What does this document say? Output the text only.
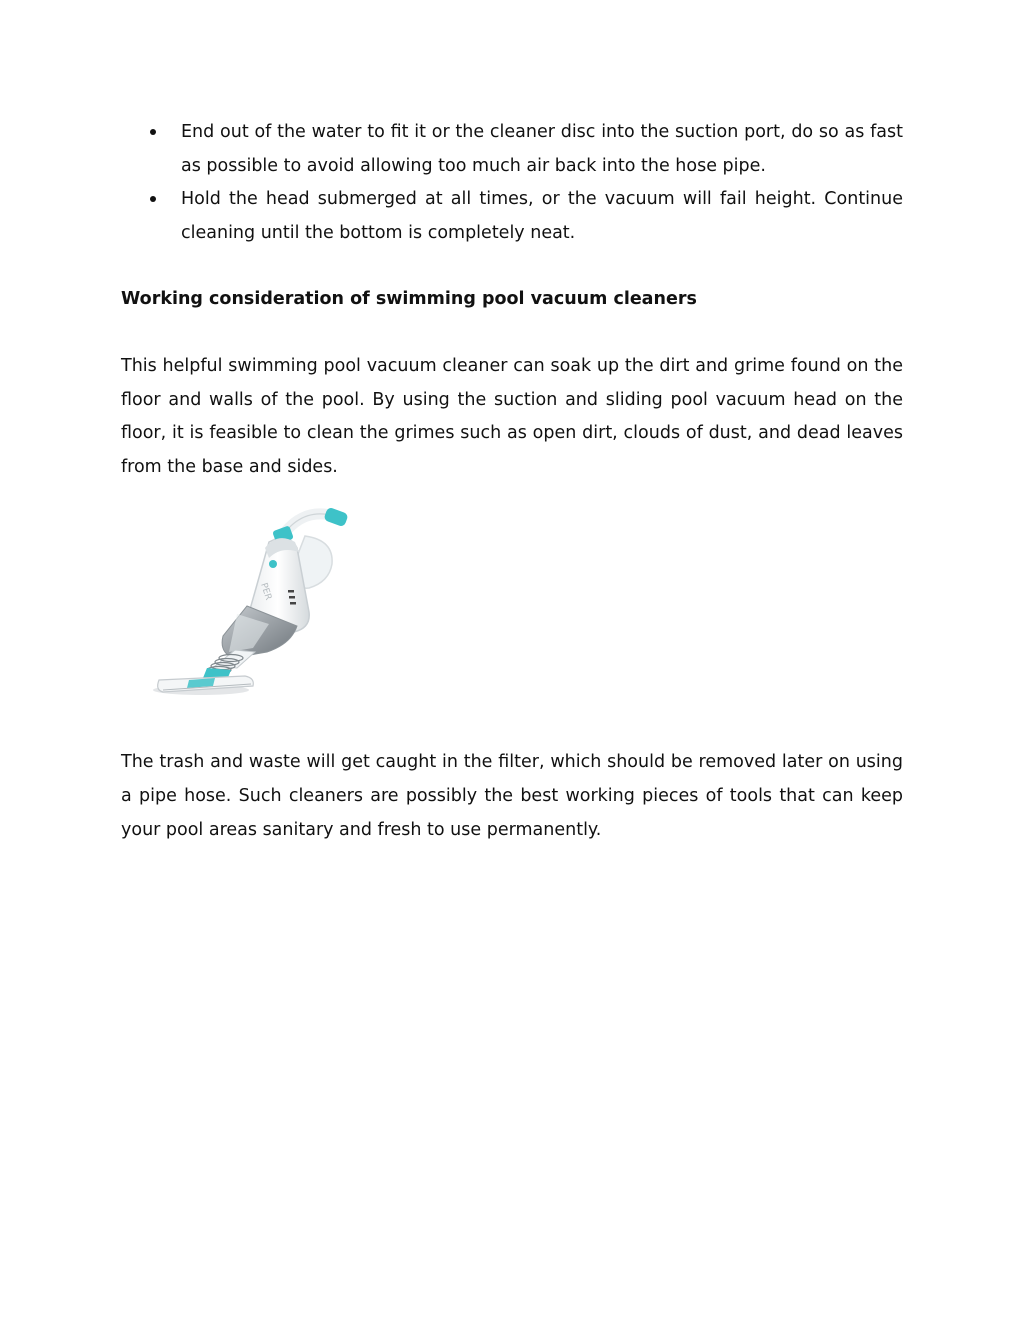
End out of the water to fit it or the cleaner disc into the suction port, do so as fast as possible to avoid allowing too much air back into the hose pipe.
Hold the head submerged at all times, or the vacuum will fail height. Continue cleaning until the bottom is completely neat.

Working consideration of swimming pool vacuum cleaners

This helpful swimming pool vacuum cleaner can soak up the dirt and grime found on the floor and walls of the pool. By using the suction and sliding pool vacuum head on the floor, it is feasible to clean the grimes such as open dirt, clouds of dust, and dead leaves from the base and sides.

PER

The trash and waste will get caught in the filter, which should be removed later on using a pipe hose. Such cleaners are possibly the best working pieces of tools that can keep your pool areas sanitary and fresh to use permanently.
